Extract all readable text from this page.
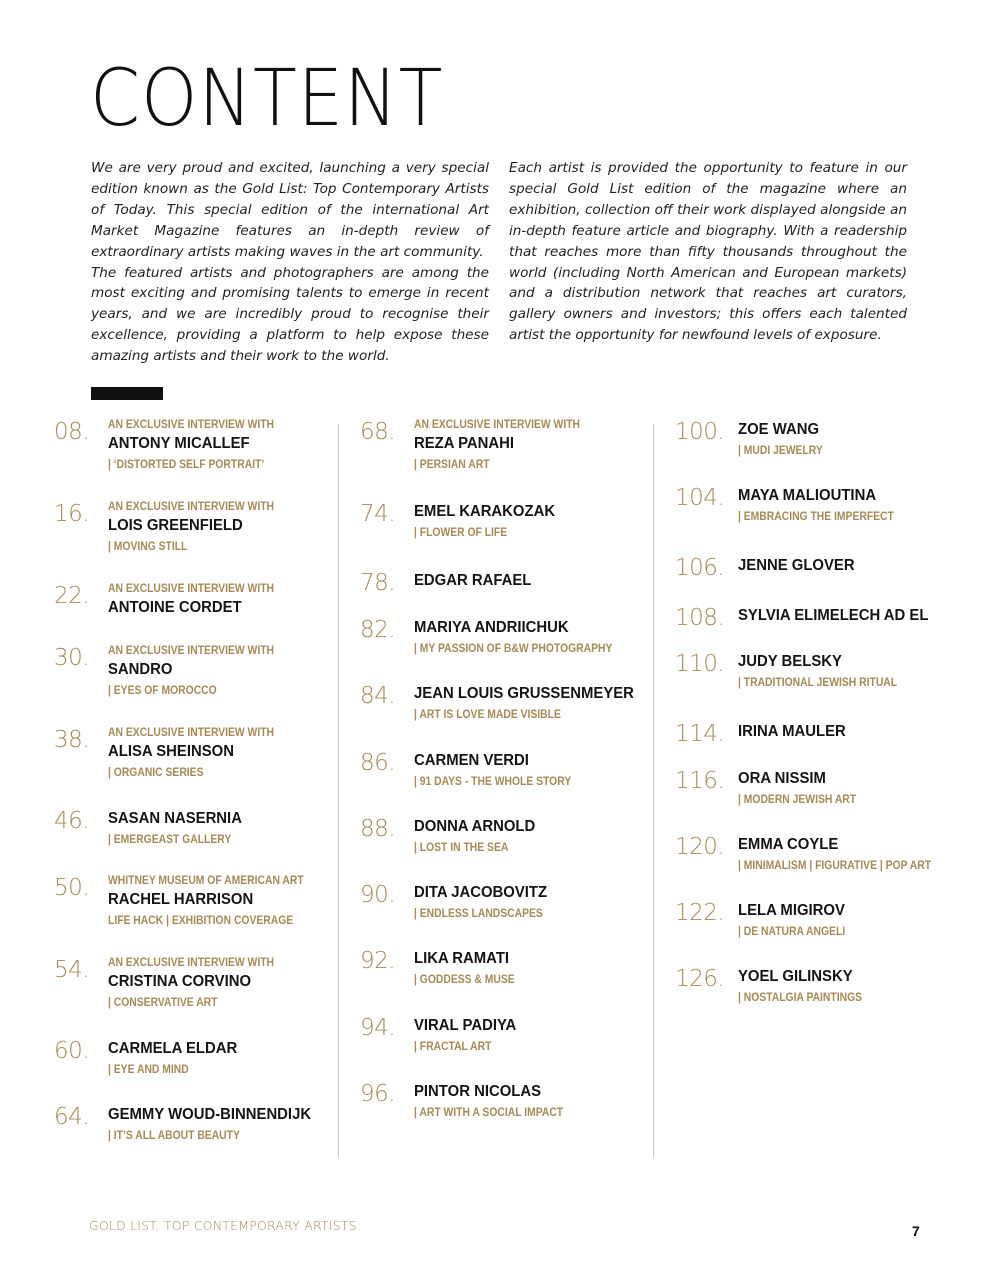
CONTENT

We are very proud and excited, launching a very special edition known as the Gold List: Top Contemporary Artists of Today. This special edition of the international Art Market Magazine features an in-depth review of extraordinary artists making waves in the art community.

The featured artists and photographers are among the most exciting and promising talents to emerge in recent years, and we are incredibly proud to recognise their excellence, providing a platform to help expose these amazing artists and their work to the world.

Each artist is provided the opportunity to feature in our special Gold List edition of the magazine where an exhibition, collection off their work displayed alongside an in-depth feature article and biography. With a readership that reaches more than fifty thousands throughout the world (including North American and European markets) and a distribution network that reaches art curators, gallery owners and investors; this offers each talented artist the opportunity for newfound levels of exposure.

08. AN EXCLUSIVE INTERVIEW WITH
ANTONY MICALLEF
| ‘DISTORTED SELF PORTRAIT’
16. AN EXCLUSIVE INTERVIEW WITH
LOIS GREENFIELD
| MOVING STILL
22. AN EXCLUSIVE INTERVIEW WITH
ANTOINE CORDET
30. AN EXCLUSIVE INTERVIEW WITH
SANDRO
| EYES OF MOROCCO
38. AN EXCLUSIVE INTERVIEW WITH
ALISA SHEINSON
| ORGANIC SERIES
46. SASAN NASERNIA
| EMERGEAST GALLERY
50. WHITNEY MUSEUM OF AMERICAN ART
RACHEL HARRISON
LIFE HACK | EXHIBITION COVERAGE
54. AN EXCLUSIVE INTERVIEW WITH
CRISTINA CORVINO
| CONSERVATIVE ART
60. CARMELA ELDAR
| EYE AND MIND
64. GEMMY WOUD-BINNENDIJK
| IT’S ALL ABOUT BEAUTY
68. AN EXCLUSIVE INTERVIEW WITH
REZA PANAHI
| PERSIAN ART
74. EMEL KARAKOZAK
| FLOWER OF LIFE
78. EDGAR RAFAEL
82. MARIYA ANDRIICHUK
| MY PASSION OF B&W PHOTOGRAPHY
84. JEAN LOUIS GRUSSENMEYER
| ART IS LOVE MADE VISIBLE
86. CARMEN VERDI
| 91 DAYS - THE WHOLE STORY
88. DONNA ARNOLD
| LOST IN THE SEA
90. DITA JACOBOVITZ
| ENDLESS LANDSCAPES
92. LIKA RAMATI
| GODDESS & MUSE
94. VIRAL PADIYA
| FRACTAL ART
96. PINTOR NICOLAS
| ART WITH A SOCIAL IMPACT
100. ZOE WANG
| MUDI JEWELRY
104. MAYA MALIOUTINA
| EMBRACING THE IMPERFECT
106. JENNE GLOVER
108. SYLVIA ELIMELECH AD EL
110. JUDY BELSKY
| TRADITIONAL JEWISH RITUAL
114. IRINA MAULER
116. ORA NISSIM
| MODERN JEWISH ART
120. EMMA COYLE
| MINIMALISM | FIGURATIVE | POP ART
122. LELA MIGIROV
| DE NATURA ANGELI
126. YOEL GILINSKY
| NOSTALGIA PAINTINGS
GOLD LIST. TOP CONTEMPORARY ARTISTS	7
